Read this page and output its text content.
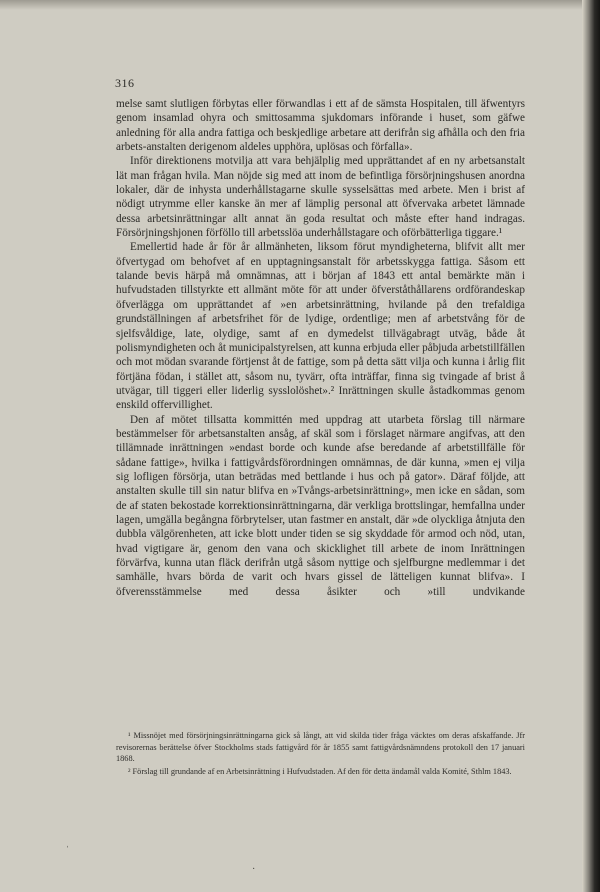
316

melse samt slutligen förbytas eller förwandlas i ett af de sämsta Hospitalen, till äfwentyrs genom insamlad ohyra och smittosamma sjukdomars införande i huset, som gäfwe anledning för alla andra fattiga och beskjedlige arbetare att derifrån sig afhålla och den fria arbets-anstalten derigenom aldeles upphöra, uplösas och förfalla».

Inför direktionens motvilja att vara behjälplig med upprättandet af en ny arbetsanstalt lät man frågan hvila. Man nöjde sig med att inom de befintliga försörjningshusen anordna lokaler, där de inhysta underhållstagarne skulle sysselsättas med arbete. Men i brist af nödigt utrymme eller kanske än mer af lämplig personal att öfvervaka arbetet lämnade dessa arbetsinrättningar allt annat än goda resultat och måste efter hand indragas. Försörjningshjonen förföllo till arbetsslöa underhållstagare och oförbätterliga tiggare.¹

Emellertid hade år för år allmänheten, liksom förut myndigheterna, blifvit allt mer öfvertygad om behofvet af en upptagningsanstalt för arbetsskygga fattiga. Såsom ett talande bevis härpå må omnämnas, att i början af 1843 ett antal bemärkte män i hufvudstaden tillstyrkte ett allmänt möte för att under öfverståthållarens ordförandeskap öfverlägga om upprättandet af »en arbetsinrättning, hvilande på den trefaldiga grundställningen af arbetsfrihet för de lydige, ordentlige; men af arbetstvång för de sjelfsvåldige, late, olydige, samt af en dymedelst tillvägabragt utväg, både åt polismyndigheten och åt municipalstyrelsen, att kunna erbjuda eller påbjuda arbetstillfällen och mot mödan svarande förtjenst åt de fattige, som på detta sätt vilja och kunna i årlig flit förtjäna födan, i stället att, såsom nu, tyvärr, ofta inträffar, finna sig tvingade af brist å utvägar, till tiggeri eller liderlig sysslolöshet».² Inrättningen skulle åstadkommas genom enskild offervillighet.

Den af mötet tillsatta kommittén med uppdrag att utarbeta förslag till närmare bestämmelser för arbetsanstalten ansåg, af skäl som i förslaget närmare angifvas, att den tillämnade inrättningen »endast borde och kunde afse beredande af arbetstillfälle för sådane fattige», hvilka i fattigvårdsförordningen omnämnas, de där kunna, »men ej vilja sig lofligen försörja, utan beträdas med bettlande i hus och på gator». Däraf följde, att anstalten skulle till sin natur blifva en »Tvångs-arbetsinrättning», men icke en sådan, som de af staten bekostade korrektionsinrättningarna, där verkliga brottslingar, hemfallna under lagen, umgälla begångna förbrytelser, utan fastmer en anstalt, där »de olyckliga åtnjuta den dubbla välgörenheten, att icke blott under tiden se sig skyddade för armod och nöd, utan, hvad vigtigare är, genom den vana och skicklighet till arbete de inom Inrättningen förvärfva, kunna utan fläck derifrån utgå såsom nyttige och sjelfburgne medlemmar i det samhälle, hvars börda de varit och hvars gissel de lätteligen kunnat blifva». I öfverensstämmelse med dessa åsikter och »till undvikande

¹ Missnöjet med försörjningsinrättningarna gick så långt, att vid skilda tider fråga väcktes om deras afskaffande. Jfr revisorernas berättelse öfver Stockholms stads fattigvård för år 1855 samt fattigvårdsnämndens protokoll den 17 januari 1868.

² Förslag till grundande af en Arbetsinrättning i Hufvudstaden. Af den för detta ändamål valda Komité, Sthlm 1843.

·
ˈ
